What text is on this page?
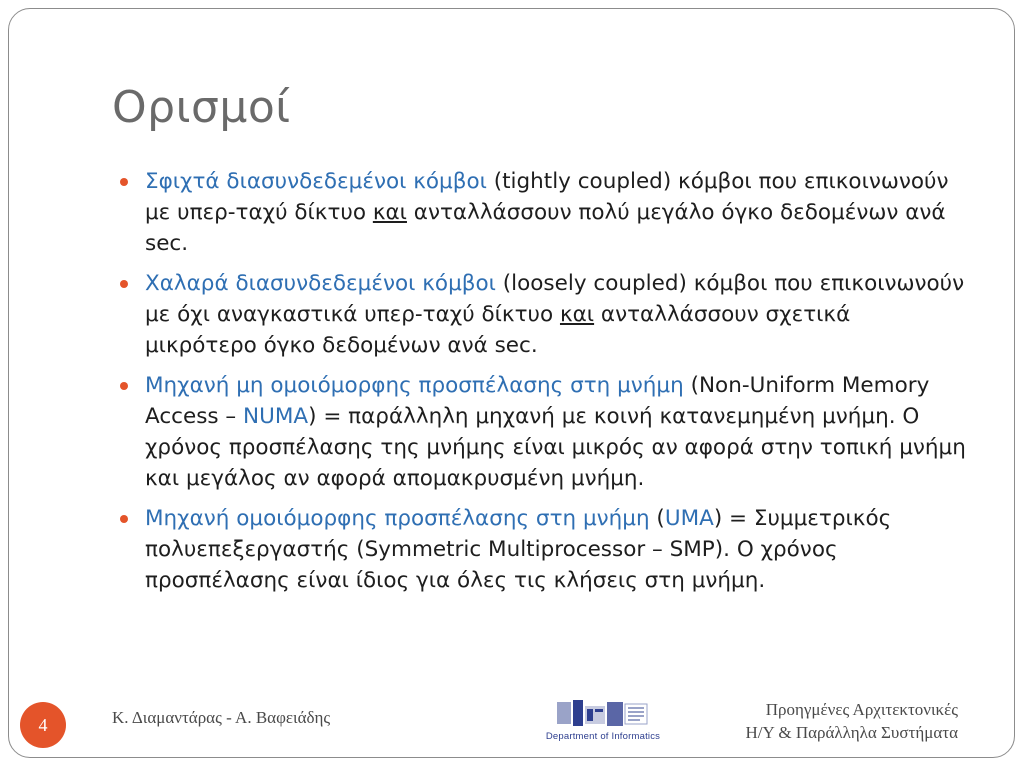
Ορισμοί
Σφιχτά διασυνδεδεμένοι κόμβοι (tightly coupled) κόμβοι που επικοινωνούν με υπερ-ταχύ δίκτυο και ανταλλάσσουν πολύ μεγάλο όγκο δεδομένων ανά sec.
Χαλαρά διασυνδεδεμένοι κόμβοι (loosely coupled) κόμβοι που επικοινωνούν με όχι αναγκαστικά υπερ-ταχύ δίκτυο και ανταλλάσσουν σχετικά μικρότερο όγκο δεδομένων ανά sec.
Μηχανή μη ομοιόμορφης προσπέλασης στη μνήμη (Non-Uniform Memory Access – NUMA) = παράλληλη μηχανή με κοινή κατανεμημένη μνήμη. Ο χρόνος προσπέλασης της μνήμης είναι μικρός αν αφορά στην τοπική μνήμη και μεγάλος αν αφορά απομακρυσμένη μνήμη.
Μηχανή ομοιόμορφης προσπέλασης στη μνήμη (UMA) = Συμμετρικός πολυεπεξεργαστής (Symmetric Multiprocessor – SMP). Ο χρόνος προσπέλασης είναι ίδιος για όλες τις κλήσεις στη μνήμη.
4	Κ. Διαμαντάρας - Α. Βαφειάδης
Department of Informatics
Προηγμένες Αρχιτεκτονικές
Η/Υ & Παράλληλα Συστήματα
